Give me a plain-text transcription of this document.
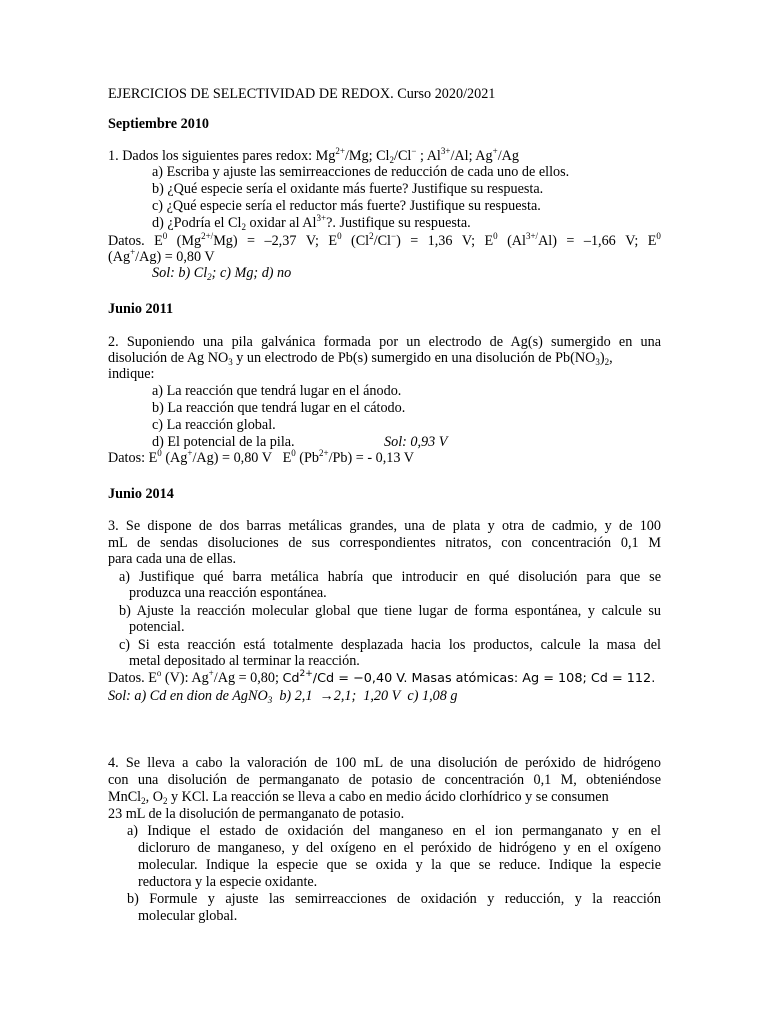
EJERCICIOS DE SELECTIVIDAD DE REDOX. Curso 2020/2021
Septiembre 2010
1. Dados los siguientes pares redox: $Mg^{2+}/Mg$; $Cl_2/Cl^-$ ; $Al^{3+}/Al$; Ag+/Ag
a) Escriba y ajuste las semirreacciones de reducción de cada uno de ellos.
b) ¿Qué especie sería el oxidante más fuerte? Justifique su respuesta.
c) ¿Qué especie sería el reductor más fuerte? Justifique su respuesta.
d) ¿Podría el $Cl_2$ oxidar al $Al^{3+}$?. Justifique su respuesta.
Datos. $E^0$ $(Mg^{2+/}Mg) = -2,37$ V; $E^0$ $(Cl^2/Cl^-) = 1,36$ V; $E^0$ $(Al^{3+/}Al) = -1,66$ V; $E^0$
(Ag+/Ag) = 0,80 V
Sol: b) $Cl_2$; c) Mg; d) no
Junio 2011
2. Suponiendo una pila galvánica formada por un electrodo de Ag(s) sumergido en una
disolución de Ag $NO_3$ y un electrodo de Pb(s) sumergido en una disolución de $Pb(NO_3)_2$,
indique:
a) La reacción que tendrá lugar en el ánodo.
b) La reacción que tendrá lugar en el cátodo.
c) La reacción global.
d) El potencial de la pila.	Sol: 0,93 V
Datos: $E^0$ (Ag+/Ag) = 0,80 V   $E^0$ $(Pb^{2+}/Pb)$ = - 0,13 V
Junio 2014
3. Se dispone de dos barras metálicas grandes, una de plata y otra de cadmio, y de 100
mL de sendas disoluciones de sus correspondientes nitratos, con concentración 0,1 M
para cada una de ellas.
a) Justifique qué barra metálica habría que introducir en qué disolución para que se
produzca una reacción espontánea.
b) Ajuste la reacción molecular global que tiene lugar de forma espontánea, y calcule su
potencial.
c) Si esta reacción está totalmente desplazada hacia los productos, calcule la masa del
metal depositado al terminar la reacción.
Datos. $E^o$ (V): Ag+/Ag = 0,80; $Cd^{2+}/Cd = -0,40$ V. Masas atómicas: Ag = 108; Cd = 112.
Sol: a) Cd en dion de AgNO$_3$  b) 2,1  →2,1;  1,20 V  c) 1,08 g
4. Se lleva a cabo la valoración de 100 mL de una disolución de peróxido de hidrógeno
con una disolución de permanganato de potasio de concentración 0,1 M, obteniéndose
MnCl$_2$, $O_2$ y KCl. La reacción se lleva a cabo en medio ácido clorhídrico y se consumen
23 mL de la disolución de permanganato de potasio.
a) Indique el estado de oxidación del manganeso en el ion permanganato y en el
dicloruro de manganeso, y del oxígeno en el peróxido de hidrógeno y en el oxígeno
molecular. Indique la especie que se oxida y la que se reduce. Indique la especie
reductora y la especie oxidante.
b) Formule y ajuste las semirreacciones de oxidación y reducción, y la reacción
molecular global.
